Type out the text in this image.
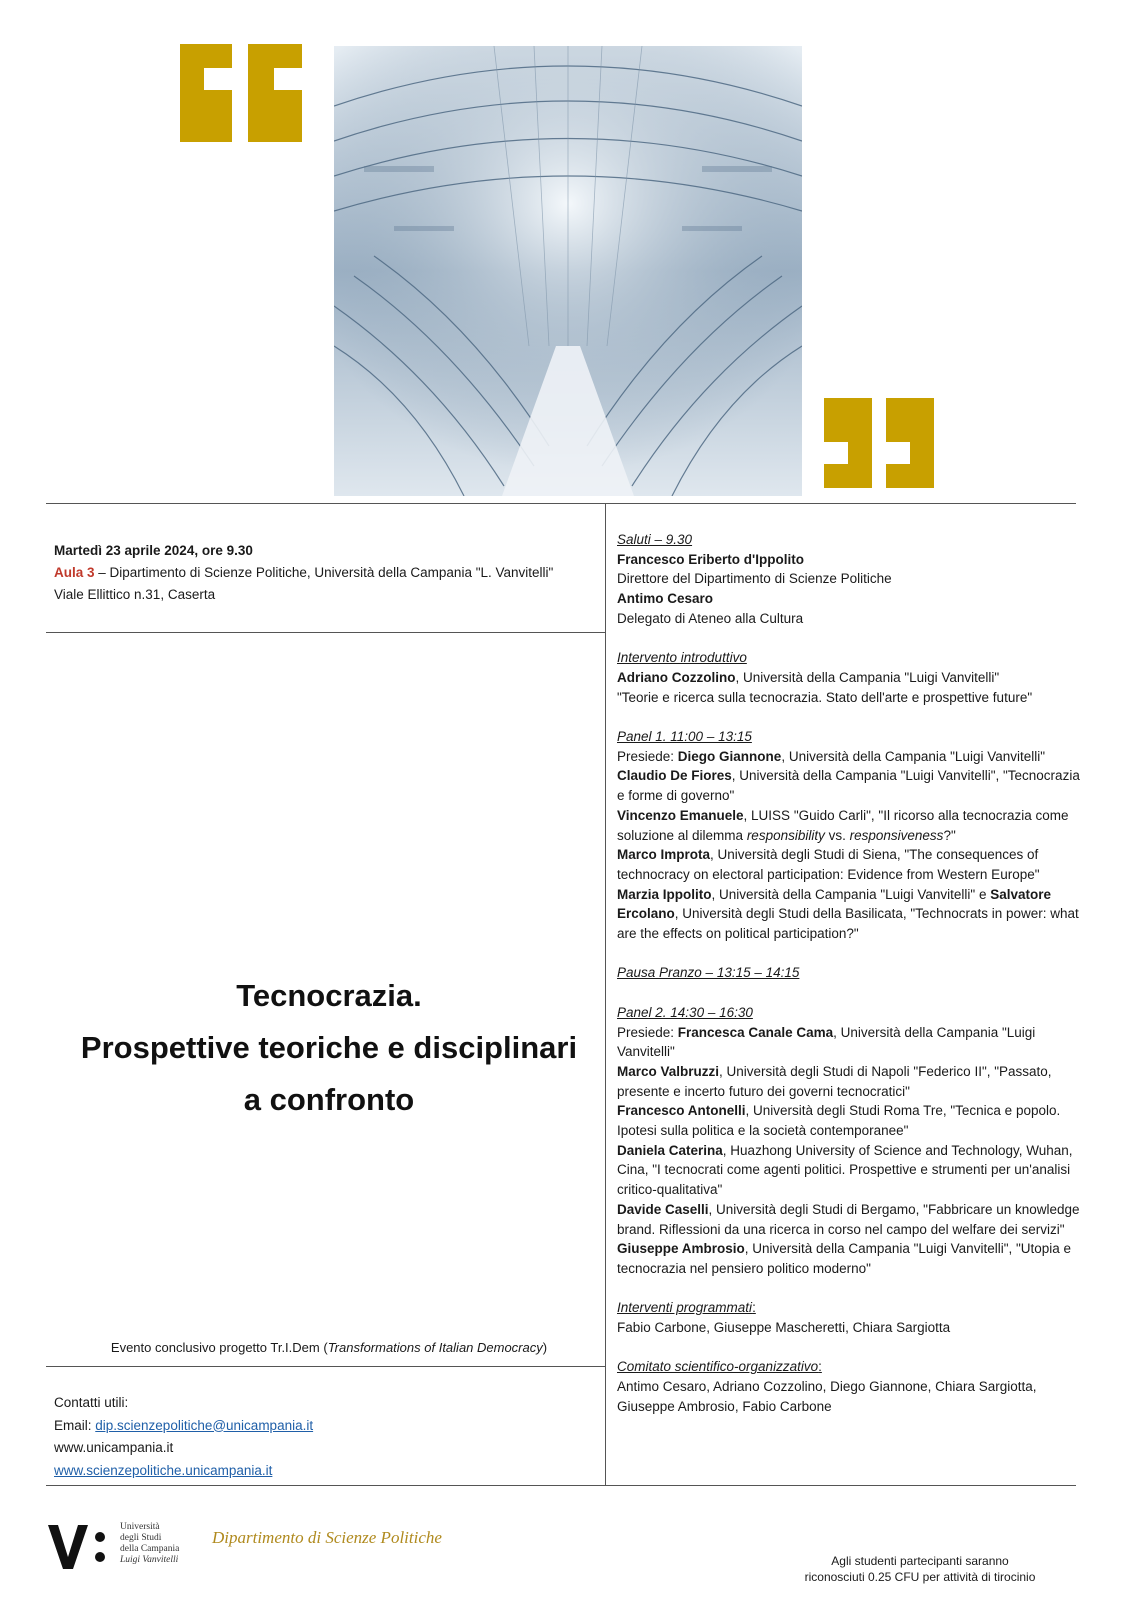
Martedì 23 aprile 2024, ore 9.30
Aula 3 – Dipartimento di Scienze Politiche, Università della Campania "L. Vanvitelli"
Viale Ellittico n.31, Caserta
Tecnocrazia.
Prospettive teoriche e disciplinari
a confronto
Evento conclusivo progetto Tr.I.Dem (Transformations of Italian Democracy)
Contatti utili:
Email: dip.scienzepolitiche@unicampania.it
www.unicampania.it
www.scienzepolitiche.unicampania.it

Saluti – 9.30

Francesco Eriberto d'Ippolito

Direttore del Dipartimento di Scienze Politiche

Antimo Cesaro

Delegato di Ateneo alla Cultura

Intervento introduttivo

Adriano Cozzolino, Università della Campania "Luigi Vanvitelli"

"Teorie e ricerca sulla tecnocrazia. Stato dell'arte e prospettive future"

Panel 1. 11:00 – 13:15

Presiede: Diego Giannone, Università della Campania "Luigi Vanvitelli"

Claudio De Fiores, Università della Campania "Luigi Vanvitelli", "Tecnocrazia e forme di governo"

Vincenzo Emanuele, LUISS "Guido Carli", "Il ricorso alla tecnocrazia come soluzione al dilemma responsibility vs. responsiveness?"

Marco Improta, Università degli Studi di Siena, "The consequences of technocracy on electoral participation: Evidence from Western Europe"

Marzia Ippolito, Università della Campania "Luigi Vanvitelli" e Salvatore Ercolano, Università degli Studi della Basilicata, "Technocrats in power: what are the effects on political participation?"

Pausa Pranzo – 13:15 – 14:15

Panel 2. 14:30 – 16:30

Presiede: Francesca Canale Cama, Università della Campania "Luigi Vanvitelli"

Marco Valbruzzi, Università degli Studi di Napoli "Federico II", "Passato, presente e incerto futuro dei governi tecnocratici"

Francesco Antonelli, Università degli Studi Roma Tre, "Tecnica e popolo. Ipotesi sulla politica e la società contemporanee"

Daniela Caterina, Huazhong University of Science and Technology, Wuhan, Cina, "I tecnocrati come agenti politici. Prospettive e strumenti per un'analisi critico-qualitativa"

Davide Caselli, Università degli Studi di Bergamo, "Fabbricare un knowledge brand. Riflessioni da una ricerca in corso nel campo del welfare dei servizi"

Giuseppe Ambrosio, Università della Campania "Luigi Vanvitelli", "Utopia e tecnocrazia nel pensiero politico moderno"

Interventi programmati:

Fabio Carbone, Giuseppe Mascheretti, Chiara Sargiotta

Comitato scientifico-organizzativo:

Antimo Cesaro, Adriano Cozzolino, Diego Giannone, Chiara Sargiotta, Giuseppe Ambrosio, Fabio Carbone

Università
degli Studi
della Campania
Luigi Vanvitelli
Dipartimento di Scienze Politiche
Agli studenti partecipanti saranno
riconosciuti 0.25 CFU per attività di tirocinio
